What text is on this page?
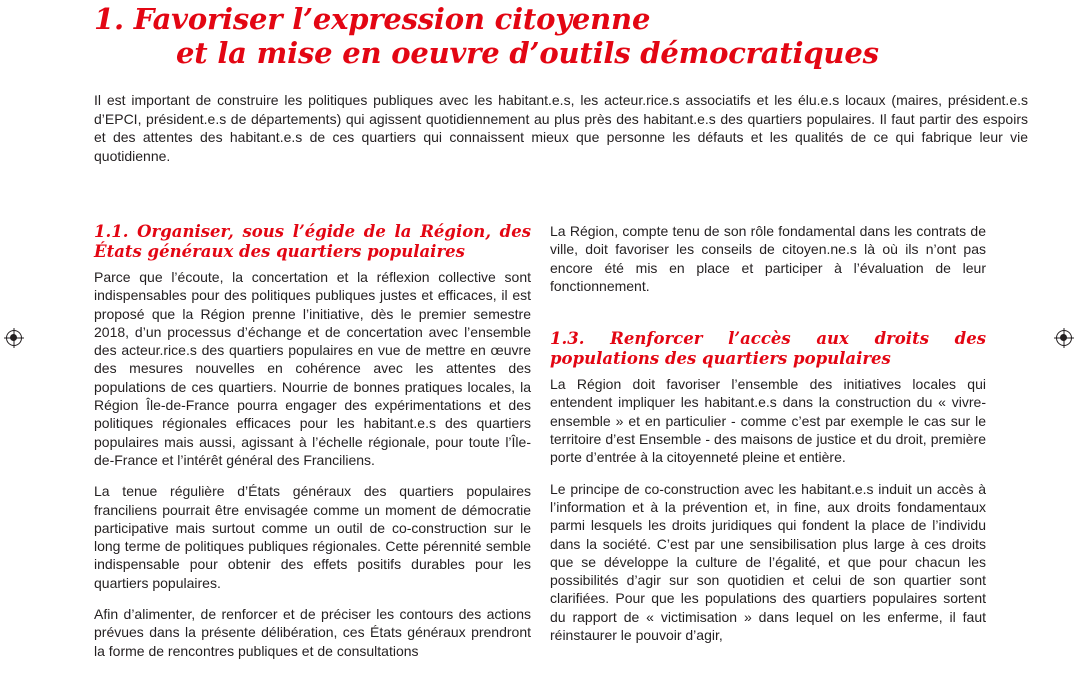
1. Favoriser l’expression citoyenne
et la mise en oeuvre d’outils démocratiques

Il est important de construire les politiques publiques avec les habitant.e.s, les acteur.rice.s associatifs et les élu.e.s locaux (maires, président.e.s d’EPCI, président.e.s de départements) qui agissent quotidiennement au plus près des habitant.e.s des quartiers populaires. Il faut partir des espoirs et des attentes des habitant.e.s de ces quartiers qui connaissent mieux que personne les défauts et les qualités de ce qui fabrique leur vie quotidienne.

1.1. Organiser, sous l’égide de la Région, des États généraux des quartiers populaires

Parce que l’écoute, la concertation et la réflexion collective sont indispensables pour des politiques publiques justes et efficaces, il est proposé que la Région prenne l’initiative, dès le premier semestre 2018, d’un processus d’échange et de concertation avec l’ensemble des acteur.rice.s des quartiers populaires en vue de mettre en œuvre des mesures nouvelles en cohérence avec les attentes des populations de ces quartiers. Nourrie de bonnes pratiques locales, la Région Île-de-France pourra engager des expérimentations et des politiques régionales efficaces pour les habitant.e.s des quartiers populaires mais aussi, agissant à l’échelle régionale, pour toute l’Île-de-France et l’intérêt général des Franciliens.

La tenue régulière d’États généraux des quartiers populaires franciliens pourrait être envisagée comme un moment de démocratie participative mais surtout comme un outil de co-construction sur le long terme de politiques publiques régionales. Cette pérennité semble indispensable pour obtenir des effets positifs durables pour les quartiers populaires.

Afin d’alimenter, de renforcer et de préciser les contours des actions prévues dans la présente délibération, ces États généraux prendront la forme de rencontres publiques et de consultations

La Région, compte tenu de son rôle fondamental dans les contrats de ville, doit favoriser les conseils de citoyen.ne.s là où ils n’ont pas encore été mis en place et participer à l’évaluation de leur fonctionnement.

1.3. Renforcer l’accès aux droits des populations des quartiers populaires

La Région doit favoriser l’ensemble des initiatives locales qui entendent impliquer les habitant.e.s dans la construction du « vivre-ensemble » et en particulier - comme c’est par exemple le cas sur le territoire d’est Ensemble - des maisons de justice et du droit, première porte d’entrée à la citoyenneté pleine et entière.

Le principe de co-construction avec les habitant.e.s induit un accès à l’information et à la prévention et, in fine, aux droits fondamentaux parmi lesquels les droits juridiques qui fondent la place de l’individu dans la société. C’est par une sensibilisation plus large à ces droits que se développe la culture de l’égalité, et que pour chacun les possibilités d’agir sur son quotidien et celui de son quartier sont clarifiées. Pour que les populations des quartiers populaires sortent du rapport de « victimisation » dans lequel on les enferme, il faut réinstaurer le pouvoir d’agir,
